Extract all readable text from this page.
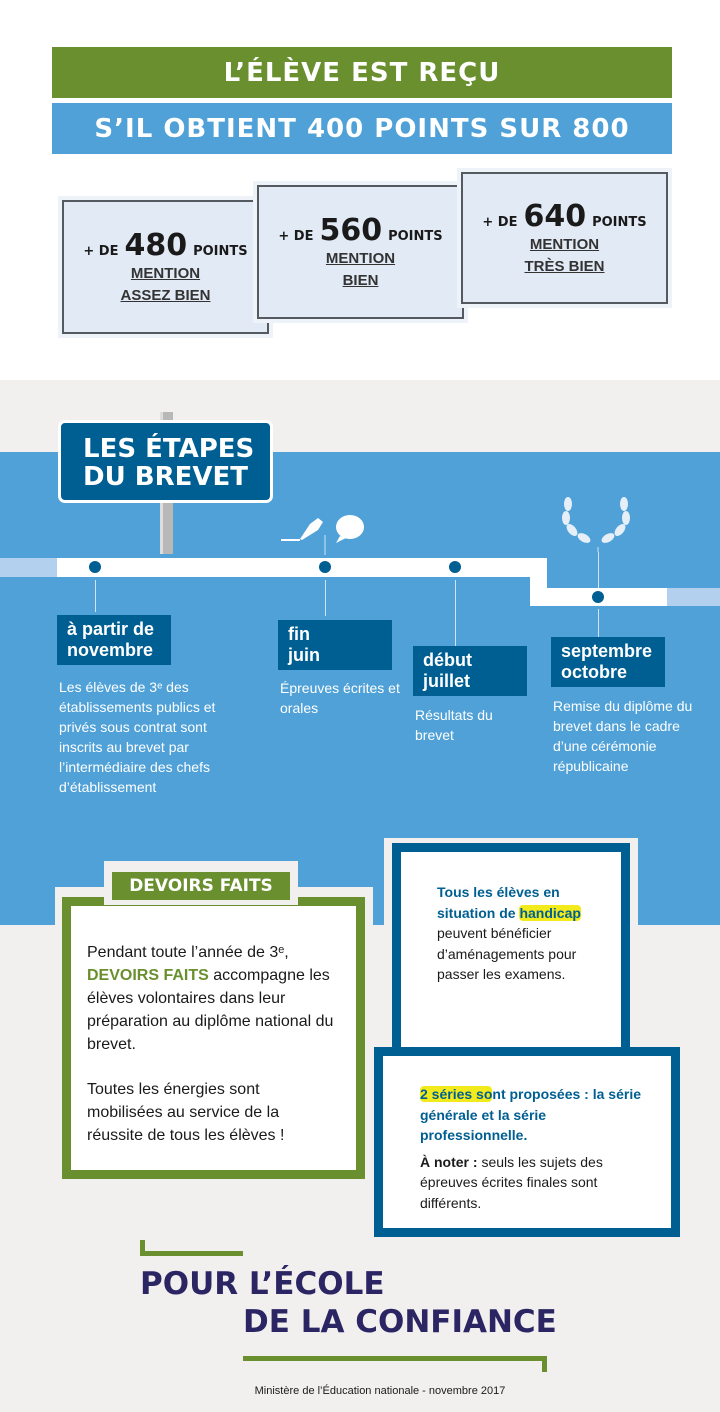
L’ÉLÈVE EST REÇU
S’IL OBTIENT 400 POINTS SUR 800
+ DE 480 POINTS
MENTION
ASSEZ BIEN
+ DE 560 POINTS
MENTION
BIEN
+ DE 640 POINTS
MENTION
TRÈS BIEN
LES ÉTAPES
DU BREVET
à partir de
novembre
Les élèves de 3ᵉ des établissements publics et privés sous contrat sont inscrits au brevet par l’intermédiaire des chefs d’établissement
fin
juin
Épreuves écrites et orales
début
juillet
Résultats du brevet
septembre
octobre
Remise du diplôme du brevet dans le cadre d’une cérémonie républicaine

Pendant toute l’année de 3ᵉ, DEVOIRS FAITS accompagne les élèves volontaires dans leur préparation au diplôme national du brevet.

Toutes les énergies sont mobilisées au service de la réussite de tous les élèves !

DEVOIRS FAITS	Tous les élèves en situation de handicap peuvent bénéficier d’aménagements pour passer les examens.

2 séries sont proposées : la série générale et la série professionnelle.

À noter : seuls les sujets des épreuves écrites finales sont différents.

POUR L’ÉCOLE
DE LA CONFIANCE
Ministère de l’Éducation nationale - novembre 2017
